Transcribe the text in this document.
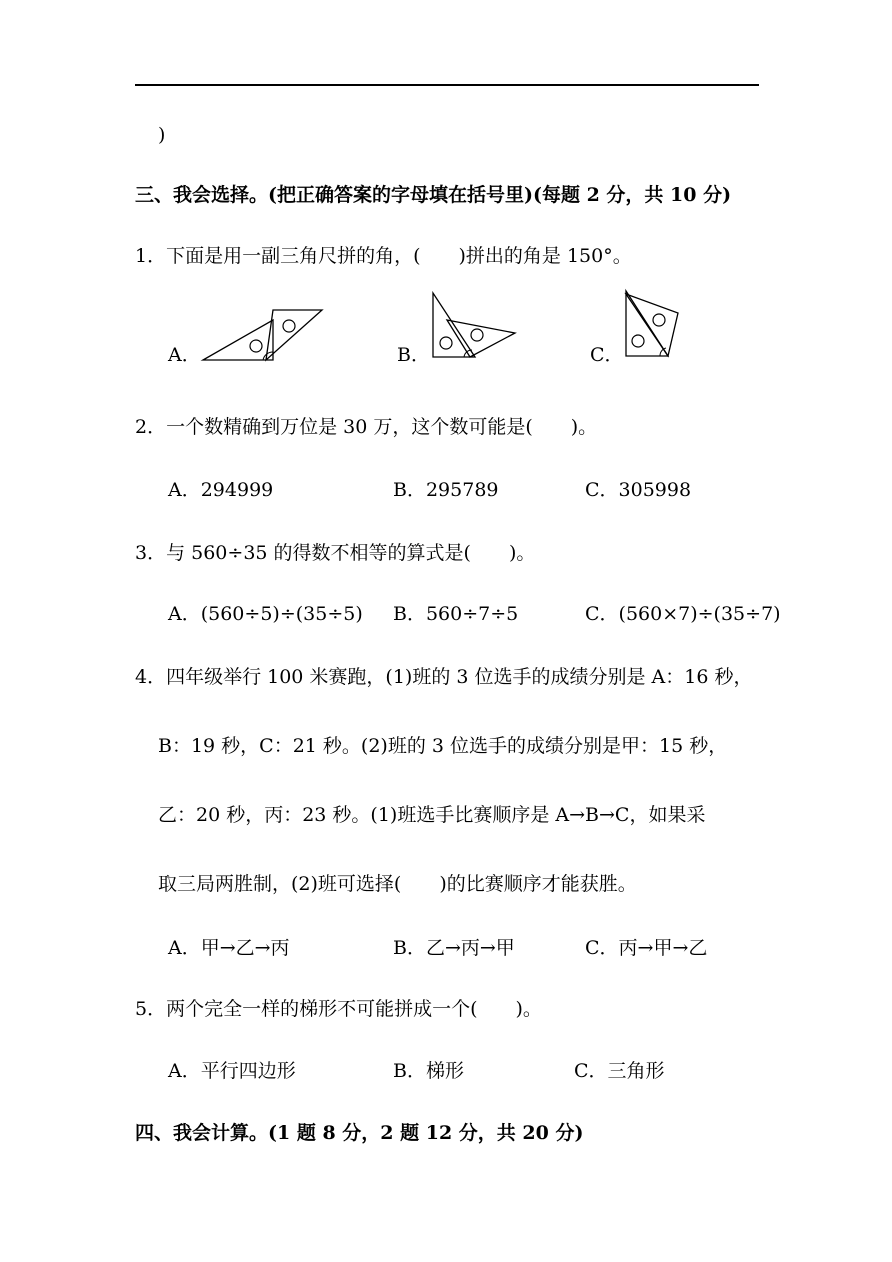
)
三、我会选择。(把正确答案的字母填在括号里)(每题 2 分，共 10 分)
1．下面是用一副三角尺拼的角，(　　)拼出的角是 150°。
A．	B．	C．
2．一个数精确到万位是 30 万，这个数可能是(　　)。
A．294999	B．295789	C．305998
3．与 560÷35 的得数不相等的算式是(　　)。
A．(560÷5)÷(35÷5) B．560÷7÷5	C．(560×7)÷(35÷7)
4．四年级举行 100 米赛跑，(1)班的 3 位选手的成绩分别是 A：16 秒，
B：19 秒，C：21 秒。(2)班的 3 位选手的成绩分别是甲：15 秒，
乙：20 秒，丙：23 秒。(1)班选手比赛顺序是 A→B→C，如果采
取三局两胜制，(2)班可选择(　　)的比赛顺序才能获胜。
A．甲→乙→丙	B．乙→丙→甲	C．丙→甲→乙
5．两个完全一样的梯形不可能拼成一个(　　)。
A．平行四边形	B．梯形	C．三角形
四、我会计算。(1 题 8 分，2 题 12 分，共 20 分)
